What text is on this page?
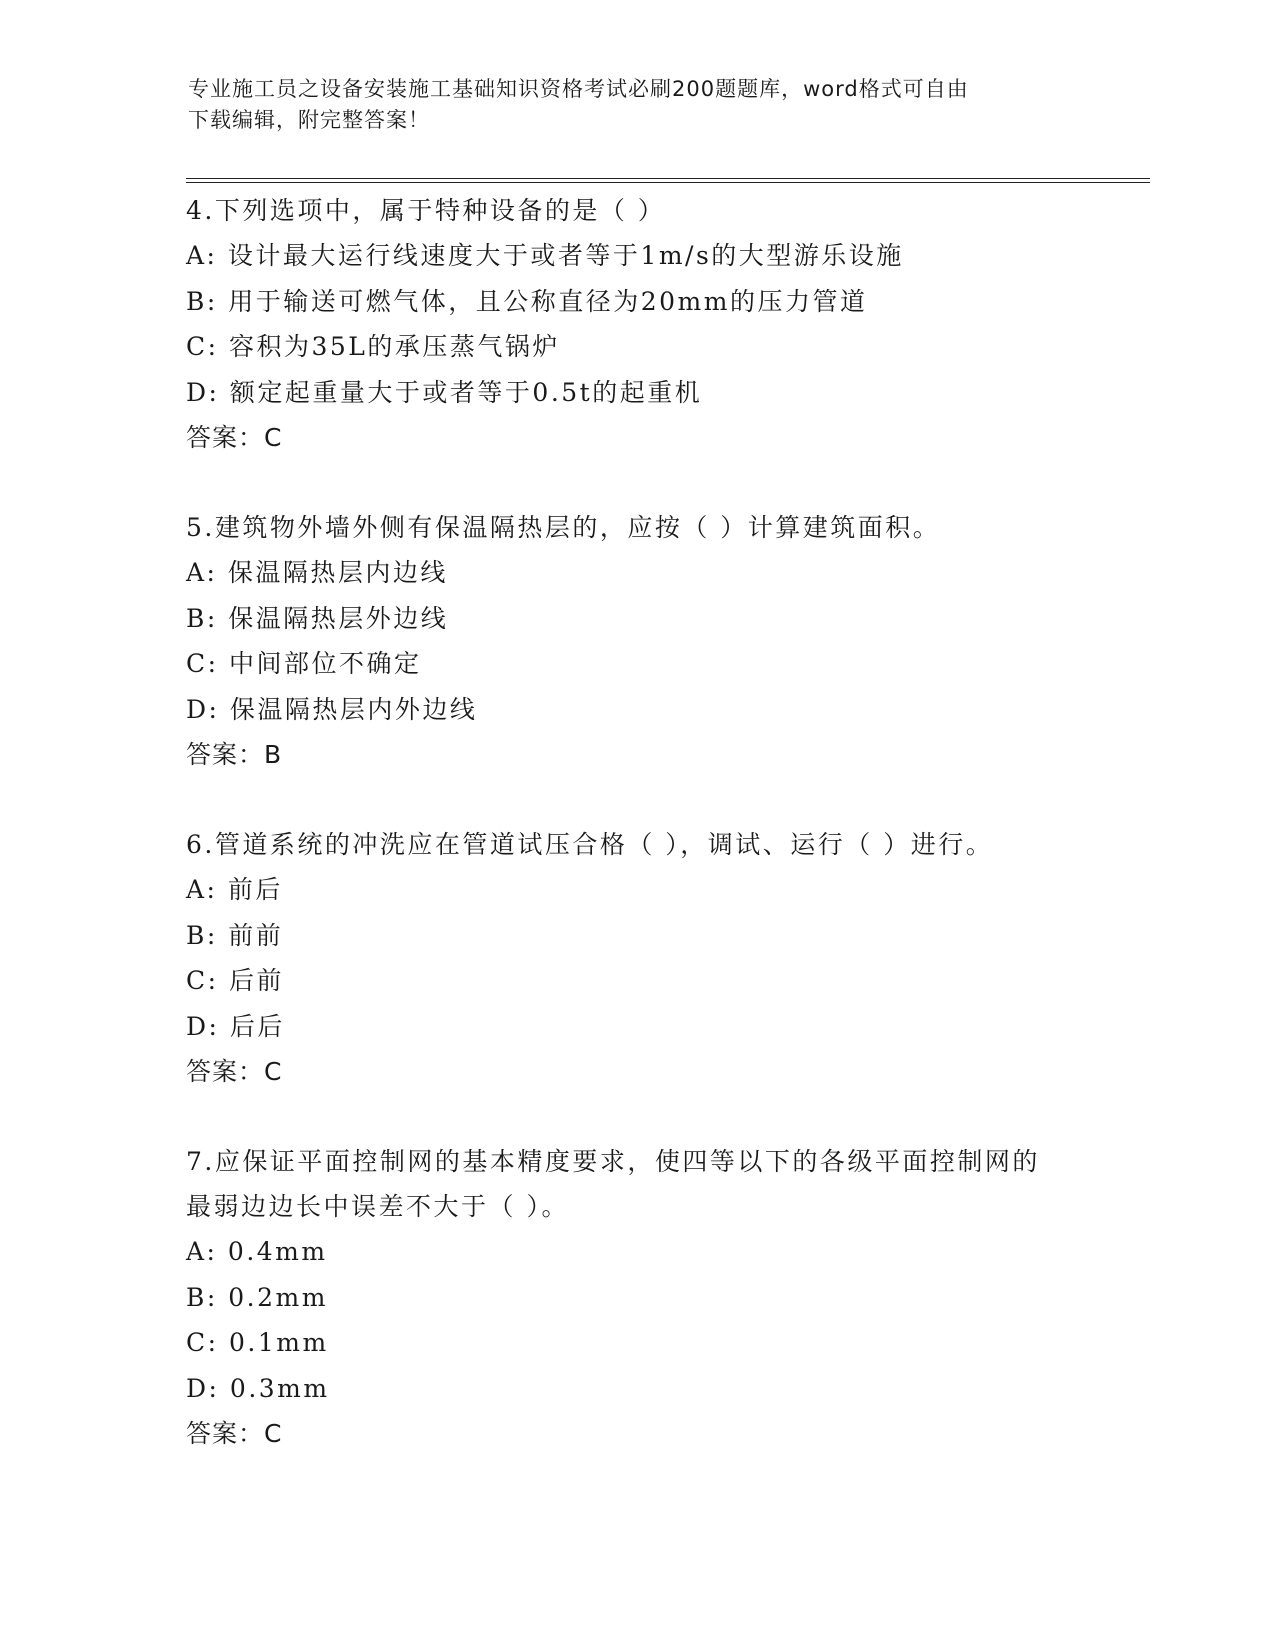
专业施工员之设备安装施工基础知识资格考试必刷200题题库，word格式可自由
下载编辑，附完整答案！
4.下列选项中，属于特种设备的是（ ）
A: 设计最大运行线速度大于或者等于1m/s的大型游乐设施
B: 用于输送可燃气体，且公称直径为20mm的压力管道
C: 容积为35L的承压蒸气锅炉
D: 额定起重量大于或者等于0.5t的起重机
答案：C
5.建筑物外墙外侧有保温隔热层的，应按（ ）计算建筑面积。
A: 保温隔热层内边线
B: 保温隔热层外边线
C: 中间部位不确定
D: 保温隔热层内外边线
答案：B
6.管道系统的冲洗应在管道试压合格（ ），调试、运行（ ）进行。
A: 前后
B: 前前
C: 后前
D: 后后
答案：C
7.应保证平面控制网的基本精度要求，使四等以下的各级平面控制网的最弱边边长中误差不大于（ ）。
A: 0.4mm
B: 0.2mm
C: 0.1mm
D: 0.3mm
答案：C
